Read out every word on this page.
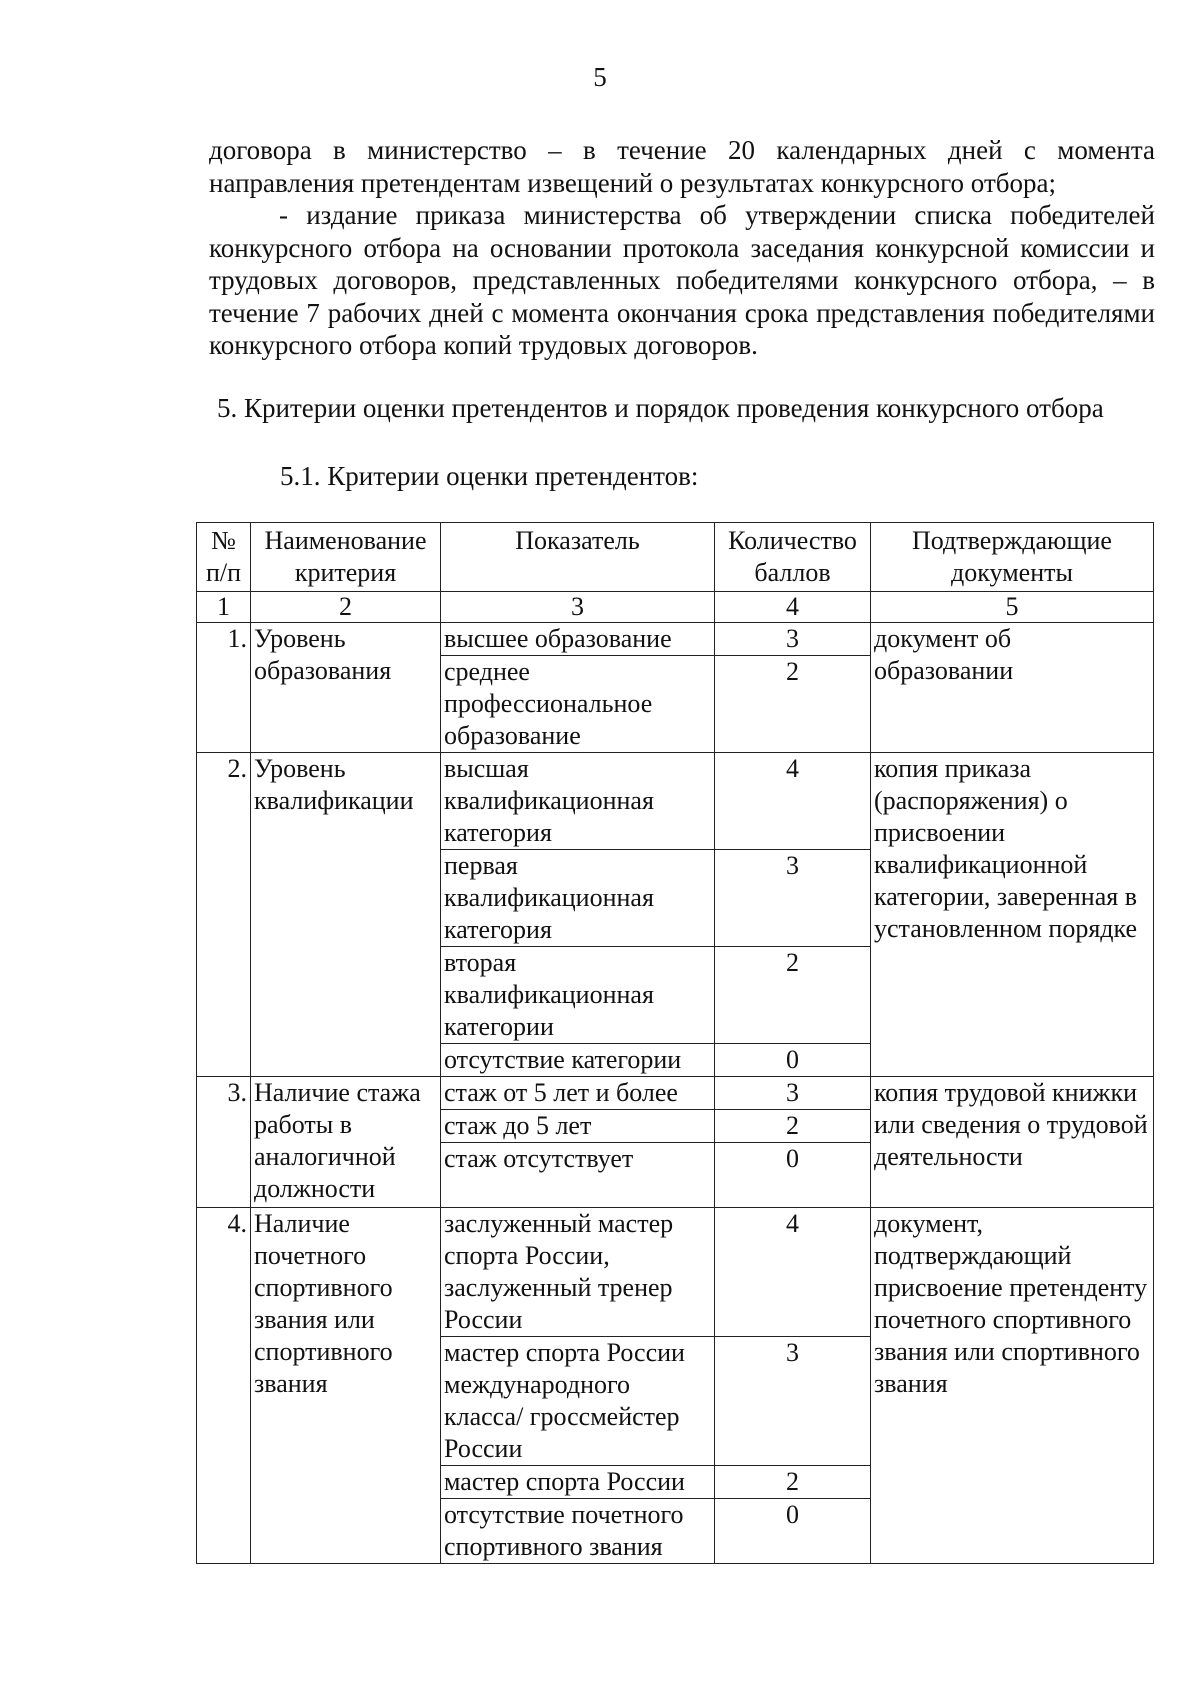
5

договора в министерство – в течение 20 календарных дней с момента

направления претендентам извещений о результатах конкурсного отбора;

- издание приказа министерства об утверждении списка победителей конкурсного отбора на основании протокола заседания конкурсной комиссии и трудовых договоров, представленных победителями конкурсного отбора, – в течение 7 рабочих дней с момента окончания срока представления победителями конкурсного отбора копий трудовых договоров.

5. Критерии оценки претендентов и порядок проведения конкурсного отбора
5.1. Критерии оценки претендентов:
№ п/п	Наименование критерия	Показатель	Количество баллов	Подтверждающие документы
1	2	3	4	5
1.	Уровень образования	высшее образование	3	документ об образовании
		среднее профессиональное образование	2	
2.	Уровень квалификации	высшая квалификационная категория	4	копия приказа (распоряжения) о присвоении квалификационной категории, заверенная в установленном порядке
		первая квалификационная категория	3	
		вторая квалификационная категории	2	
		отсутствие категории	0	
3.	Наличие стажа работы в аналогичной должности	стаж от 5 лет и более	3	копия трудовой книжки или сведения о трудовой деятельности
		стаж до 5 лет	2	
		стаж отсутствует	0	
4.	Наличие почетного спортивного звания или спортивного звания	заслуженный мастер спорта России, заслуженный тренер России	4	документ, подтверждающий присвоение претенденту почетного спортивного звания или спортивного звания
		мастер спорта России международного класса/ гроссмейстер России	3	
		мастер спорта России	2	
		отсутствие почетного спортивного звания	0	
